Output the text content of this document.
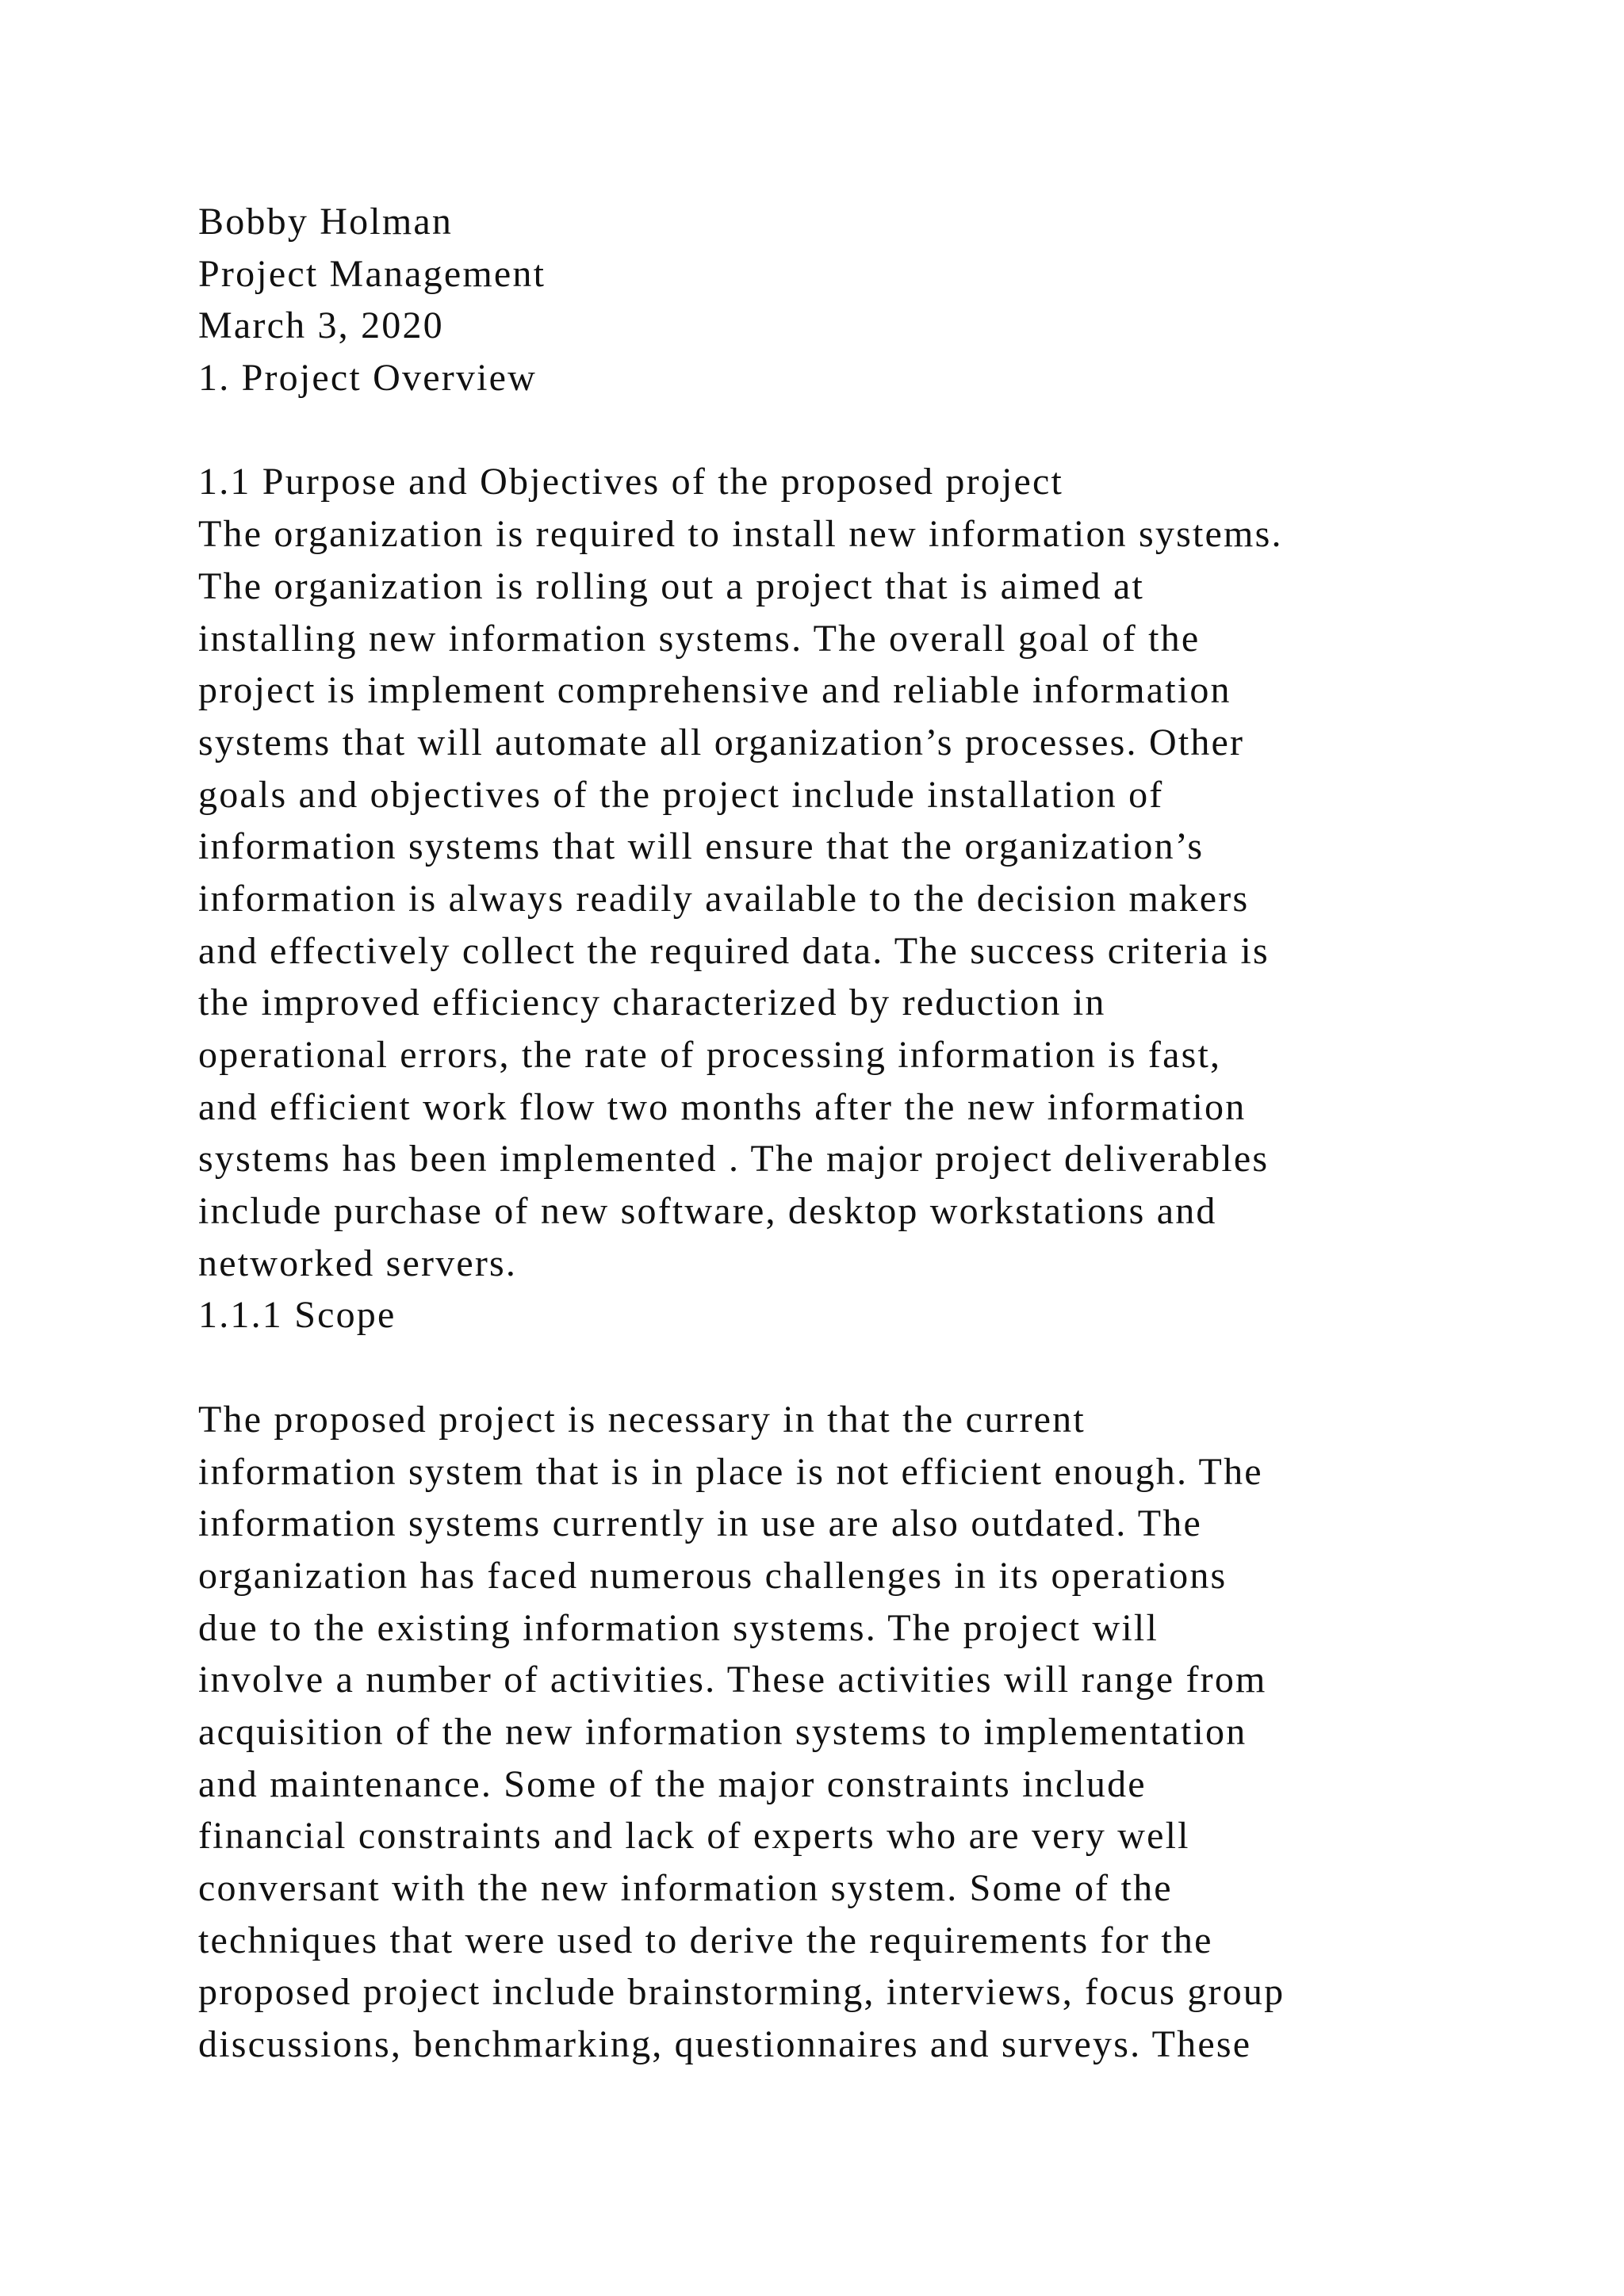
Bobby Holman
Project Management
March 3, 2020
1. Project Overview
1.1 Purpose and Objectives of the proposed project
The organization is required to install new information systems.
The organization is rolling out a project that is aimed at
installing new information systems. The overall goal of the
project is implement comprehensive and reliable information
systems that will automate all organization’s processes. Other
goals and objectives of the project include installation of
information systems that will ensure that the organization’s
information is always readily available to the decision makers
and effectively collect the required data. The success criteria is
the improved efficiency characterized by reduction in
operational errors, the rate of processing information is fast,
and efficient work flow two months after the new information
systems has been implemented . The major project deliverables
include purchase of new software, desktop workstations and
networked servers.
1.1.1 Scope
The proposed project is necessary in that the current
information system that is in place is not efficient enough. The
information systems currently in use are also outdated. The
organization has faced numerous challenges in its operations
due to the existing information systems. The project will
involve a number of activities. These activities will range from
acquisition of the new information systems to implementation
and maintenance. Some of the major constraints include
financial constraints and lack of experts who are very well
conversant with the new information system. Some of the
techniques that were used to derive the requirements for the
proposed project include brainstorming, interviews, focus group
discussions, benchmarking, questionnaires and surveys. These
